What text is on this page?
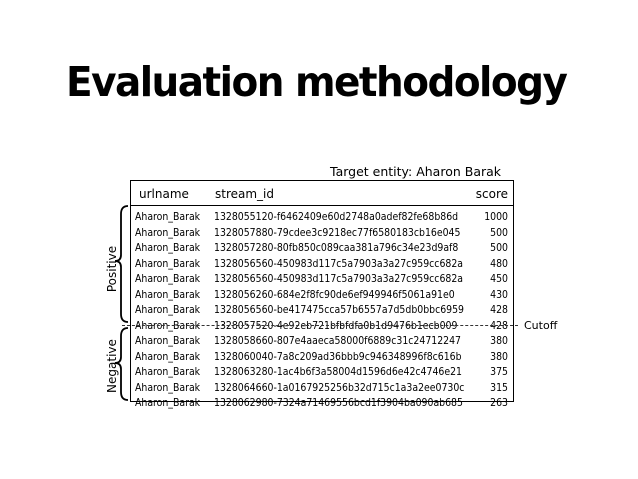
Evaluation methodology
Target entity: Aharon Barak
urlname stream_id	score
Aharon_Barak 1328055120-f6462409e60d2748a0adef82fe68b86d	1000
Aharon_Barak 1328057880-79cdee3c9218ec77f6580183cb16e045	500
Aharon_Barak 1328057280-80fb850c089caa381a796c34e23d9af8	500
Aharon_Barak 1328056560-450983d117c5a7903a3a27c959cc682a	480
Aharon_Barak 1328056560-450983d117c5a7903a3a27c959cc682a	450
Aharon_Barak 1328056260-684e2f8fc90de6ef949946f5061a91e0	430
Aharon_Barak 1328056560-be417475cca57b6557a7d5db0bbc6959	428
Aharon_Barak 1328057520-4e92eb721bfbfdfa0b1d9476b1ecb009	428
Aharon_Barak 1328058660-807e4aaeca58000f6889c31c24712247	380
Aharon_Barak 1328060040-7a8c209ad36bbb9c946348996f8c616b	380
Aharon_Barak 1328063280-1ac4b6f3a58004d1596d6e42c4746e21	375
Aharon_Barak 1328064660-1a0167925256b32d715c1a3a2ee0730c 315
Aharon_Barak 1328062980-7324a71469556bcd1f3904ba090ab685	263
Cutoff
Positive
Negative
